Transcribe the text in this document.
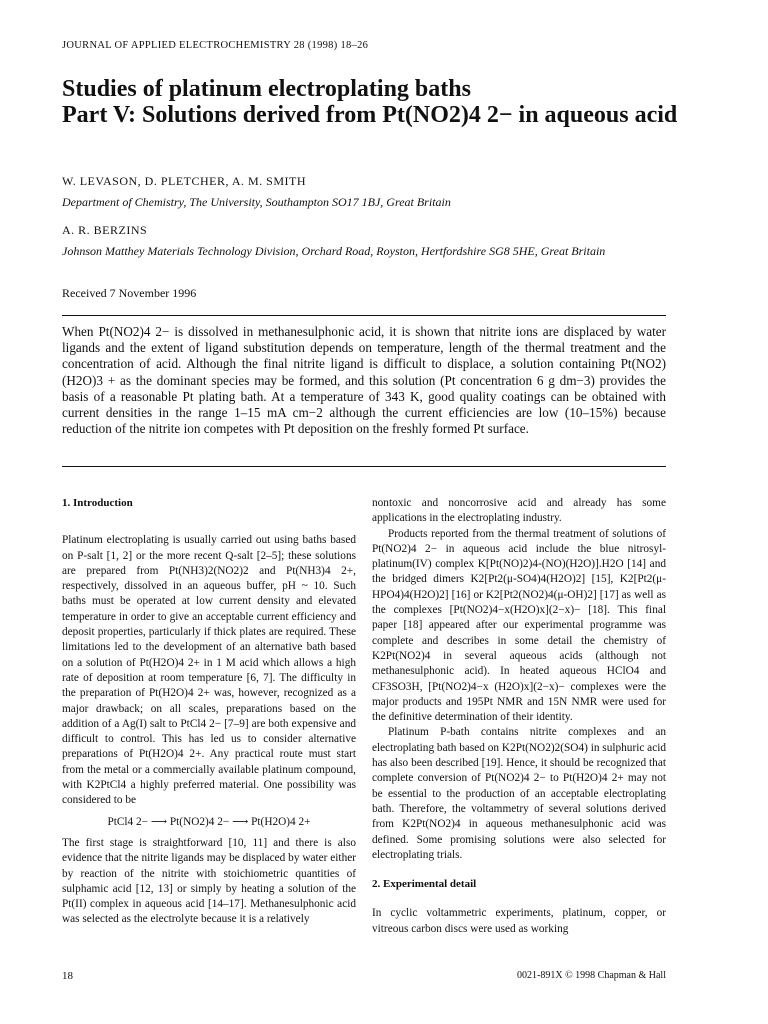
JOURNAL OF APPLIED ELECTROCHEMISTRY 28 (1998) 18–26
Studies of platinum electroplating baths
Part V: Solutions derived from Pt(NO2)4 2− in aqueous acid
W. LEVASON, D. PLETCHER, A. M. SMITH
Department of Chemistry, The University, Southampton SO17 1BJ, Great Britain
A. R. BERZINS
Johnson Matthey Materials Technology Division, Orchard Road, Royston, Hertfordshire SG8 5HE, Great Britain
Received 7 November 1996

When Pt(NO2)4 2− is dissolved in methanesulphonic acid, it is shown that nitrite ions are displaced by water ligands and the extent of ligand substitution depends on temperature, length of the thermal treatment and the concentration of acid. Although the final nitrite ligand is difficult to displace, a solution containing Pt(NO2)(H2O)3 + as the dominant species may be formed, and this solution (Pt concentration 6 g dm−3) provides the basis of a reasonable Pt plating bath. At a temperature of 343 K, good quality coatings can be obtained with current densities in the range 1–15 mA cm−2 although the current efficiencies are low (10–15%) because reduction of the nitrite ion competes with Pt deposition on the freshly formed Pt surface.

1. Introduction

Platinum electroplating is usually carried out using baths based on P-salt [1, 2] or the more recent Q-salt [2–5]; these solutions are prepared from Pt(NH3)2(NO2)2 and Pt(NH3)4 2+, respectively, dissolved in an aqueous buffer, pH ~ 10. Such baths must be operated at low current density and elevated temperature in order to give an acceptable current efficiency and deposit properties, particularly if thick plates are required. These limitations led to the development of an alternative bath based on a solution of Pt(H2O)4 2+ in 1 M acid which allows a high rate of deposition at room temperature [6, 7]. The difficulty in the preparation of Pt(H2O)4 2+ was, however, recognized as a major drawback; on all scales, preparations based on the addition of a Ag(I) salt to PtCl4 2− [7–9] are both expensive and difficult to control. This has led us to consider alternative preparations of Pt(H2O)4 2+. Any practical route must start from the metal or a commercially available platinum compound, with K2PtCl4 a highly preferred material. One possibility was considered to be

PtCl4 2− ⟶ Pt(NO2)4 2− ⟶ Pt(H2O)4 2+

The first stage is straightforward [10, 11] and there is also evidence that the nitrite ligands may be displaced by water either by reaction of the nitrite with stoichiometric quantities of sulphamic acid [12, 13] or simply by heating a solution of the Pt(II) complex in aqueous acid [14–17]. Methanesulphonic acid was selected as the electrolyte because it is a relatively

nontoxic and noncorrosive acid and already has some applications in the electroplating industry.

Products reported from the thermal treatment of solutions of Pt(NO2)4 2− in aqueous acid include the blue nitrosyl-platinum(IV) complex K[Pt(NO)2)4-(NO)(H2O)].H2O [14] and the bridged dimers K2[Pt2(μ-SO4)4(H2O)2] [15], K2[Pt2(μ-HPO4)4(H2O)2] [16] or K2[Pt2(NO2)4(μ-OH)2] [17] as well as the complexes [Pt(NO2)4−x(H2O)x](2−x)− [18]. This final paper [18] appeared after our experimental programme was complete and describes in some detail the chemistry of K2Pt(NO2)4 in several aqueous acids (although not methanesulphonic acid). In heated aqueous HClO4 and CF3SO3H, [Pt(NO2)4−x (H2O)x](2−x)− complexes were the major products and 195Pt NMR and 15N NMR were used for the definitive determination of their identity.

Platinum P-bath contains nitrite complexes and an electroplating bath based on K2Pt(NO2)2(SO4) in sulphuric acid has also been described [19]. Hence, it should be recognized that complete conversion of Pt(NO2)4 2− to Pt(H2O)4 2+ may not be essential to the production of an acceptable electroplating bath. Therefore, the voltammetry of several solutions derived from K2Pt(NO2)4 in aqueous methanesulphonic acid was defined. Some promising solutions were also selected for electroplating trials.

2. Experimental detail

In cyclic voltammetric experiments, platinum, copper, or vitreous carbon discs were used as working

18	0021-891X © 1998 Chapman & Hall
